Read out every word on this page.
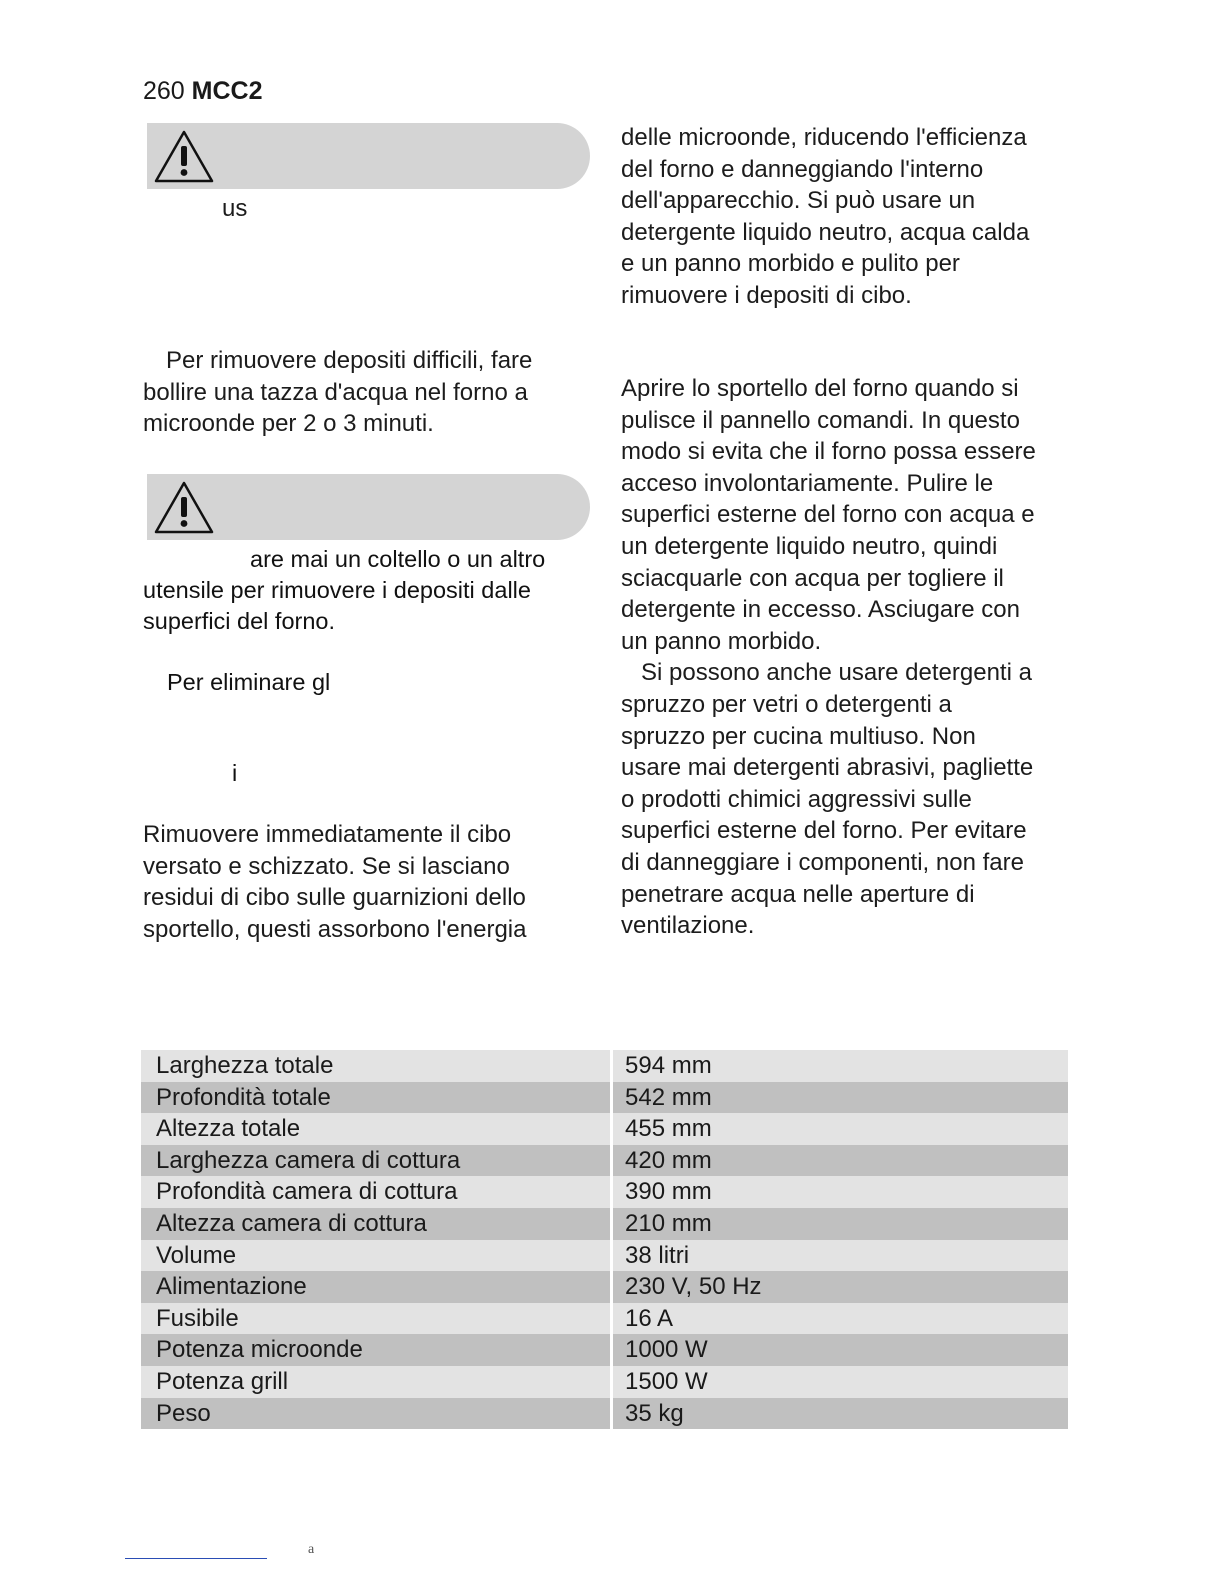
260 MCC2
us
Per rimuovere depositi difficili, fare
bollire una tazza d'acqua nel forno a
microonde per 2 o 3 minuti.
are mai un coltello o un altro
utensile per rimuovere i depositi dalle
superfici del forno.
Per eliminare gl
i
Rimuovere immediatamente il cibo
versato e schizzato. Se si lasciano
residui di cibo sulle guarnizioni dello
sportello, questi assorbono l'energia
delle microonde, riducendo l'efficienza
del forno e danneggiando l'interno
dell'apparecchio. Si può usare un
detergente liquido neutro, acqua calda
e un panno morbido e pulito per
rimuovere i depositi di cibo.
Aprire lo sportello del forno quando si
pulisce il pannello comandi. In questo
modo si evita che il forno possa essere
acceso involontariamente. Pulire le
superfici esterne del forno con acqua e
un detergente liquido neutro, quindi
sciacquarle con acqua per togliere il
detergente in eccesso. Asciugare con
un panno morbido.
Si possono anche usare detergenti a
spruzzo per vetri o detergenti a
spruzzo per cucina multiuso. Non
usare mai detergenti abrasivi, pagliette
o prodotti chimici aggressivi sulle
superfici esterne del forno. Per evitare
di danneggiare i componenti, non fare
penetrare acqua nelle aperture di
ventilazione.
Larghezza totale	594 mm
Profondità totale	542 mm
Altezza totale	455 mm
Larghezza camera di cottura	420 mm
Profondità camera di cottura	390 mm
Altezza camera di cottura	210 mm
Volume	38 litri
Alimentazione	230 V, 50 Hz
Fusibile	16 A
Potenza microonde	1000 W
Potenza grill	1500 W
Peso	35 kg
a
